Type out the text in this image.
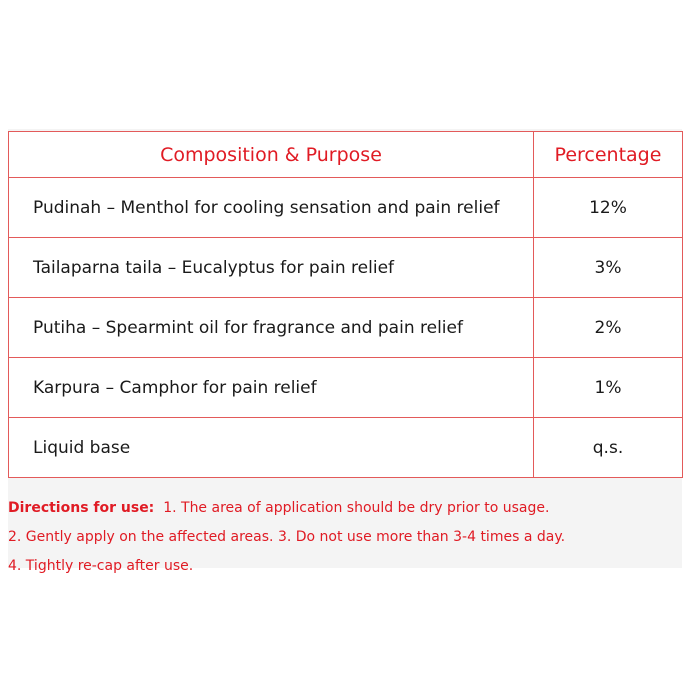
Composition & Purpose	Percentage
Pudinah – Menthol for cooling sensation and pain relief	12%
Tailaparna taila – Eucalyptus for pain relief	3%
Putiha – Spearmint oil for fragrance and pain relief	2%
Karpura – Camphor for pain relief	1%
Liquid base	q.s.

Directions for use: 1. The area of application should be dry prior to usage.

2. Gently apply on the affected areas. 3. Do not use more than 3-4 times a day.

4. Tightly re-cap after use.
